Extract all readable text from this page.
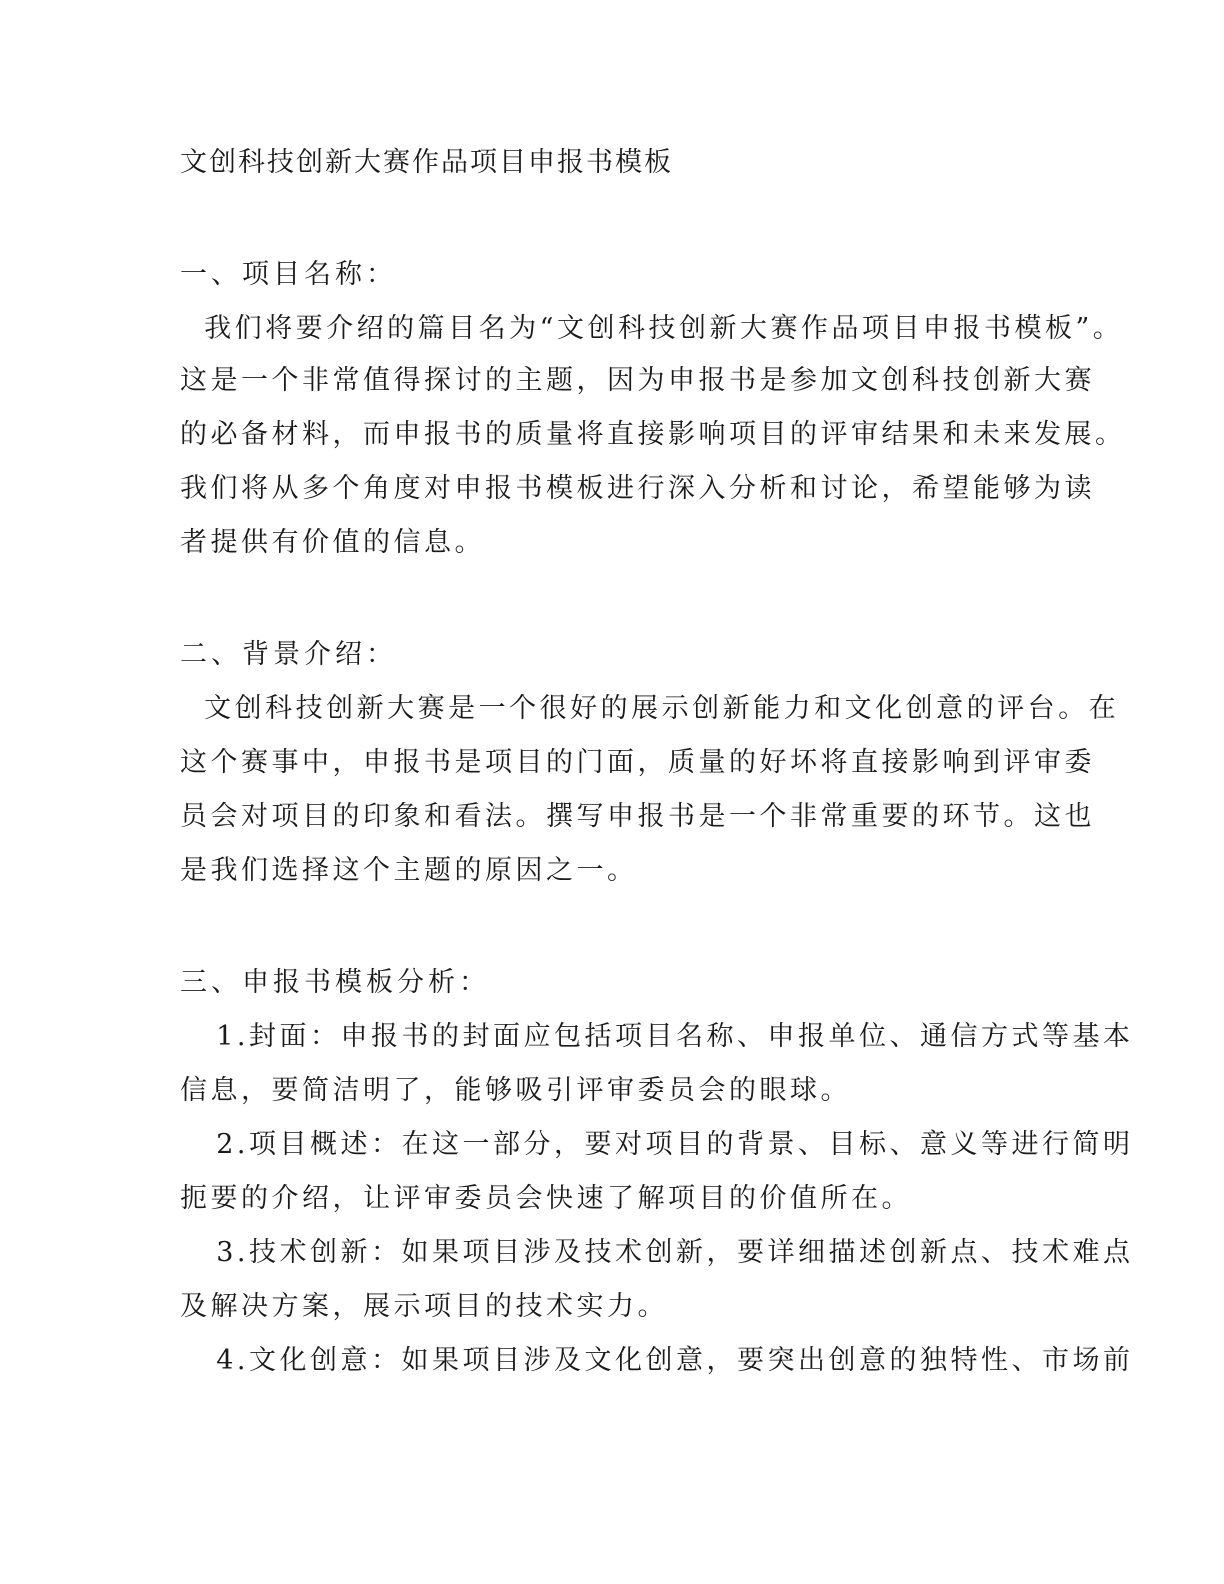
文创科技创新大赛作品项目申报书模板
一、项目名称：
我们将要介绍的篇目名为“文创科技创新大赛作品项目申报书模板”。
这是一个非常值得探讨的主题，因为申报书是参加文创科技创新大赛
的必备材料，而申报书的质量将直接影响项目的评审结果和未来发展。
我们将从多个角度对申报书模板进行深入分析和讨论，希望能够为读
者提供有价值的信息。
二、背景介绍：
文创科技创新大赛是一个很好的展示创新能力和文化创意的评台。在
这个赛事中，申报书是项目的门面，质量的好坏将直接影响到评审委
员会对项目的印象和看法。撰写申报书是一个非常重要的环节。这也
是我们选择这个主题的原因之一。
三、申报书模板分析：
1.封面：申报书的封面应包括项目名称、申报单位、通信方式等基本
信息，要简洁明了，能够吸引评审委员会的眼球。
2.项目概述：在这一部分，要对项目的背景、目标、意义等进行简明
扼要的介绍，让评审委员会快速了解项目的价值所在。
3.技术创新：如果项目涉及技术创新，要详细描述创新点、技术难点
及解决方案，展示项目的技术实力。
4.文化创意：如果项目涉及文化创意，要突出创意的独特性、市场前
